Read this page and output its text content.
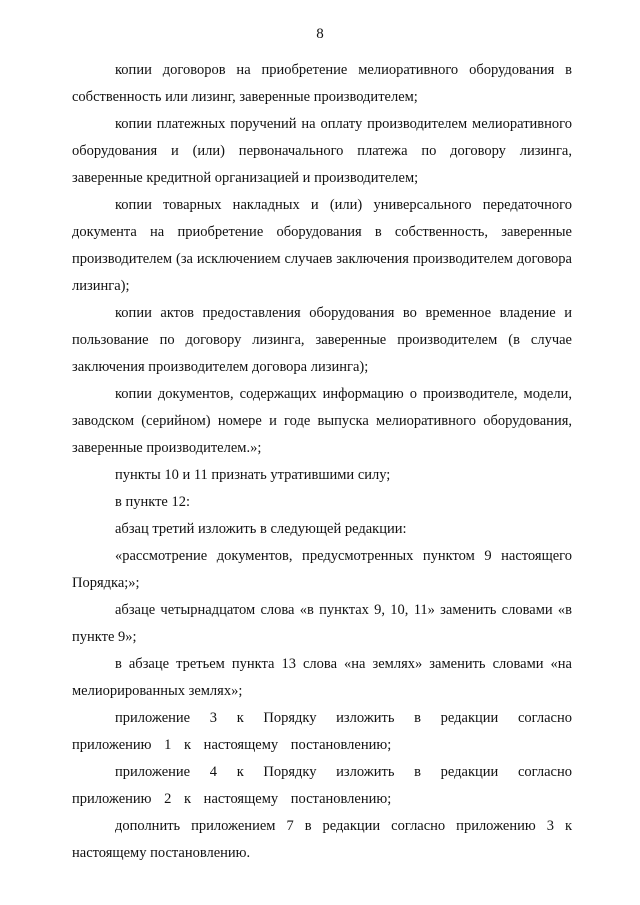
8

копии договоров на приобретение мелиоративного оборудования в собственность или лизинг, заверенные производителем;

копии платежных поручений на оплату производителем мелиоративного оборудования и (или) первоначального платежа по договору лизинга, заверенные кредитной организацией и производителем;

копии товарных накладных и (или) универсального передаточного документа на приобретение оборудования в собственность, заверенные производителем (за исключением случаев заключения производителем договора лизинга);

копии актов предоставления оборудования во временное владение и пользование по договору лизинга, заверенные производителем (в случае заключения производителем договора лизинга);

копии документов, содержащих информацию о производителе, модели, заводском (серийном) номере и годе выпуска мелиоративного оборудования, заверенные производителем.»;

пункты 10 и 11 признать утратившими силу;

в пункте 12:

абзац третий изложить в следующей редакции:

«рассмотрение документов, предусмотренных пунктом 9 настоящего Порядка;»;

абзаце четырнадцатом слова «в пунктах 9, 10, 11» заменить словами «в пункте 9»;

в абзаце третьем пункта 13 слова «на землях» заменить словами «на мелиорированных землях»;

приложение 3 к Порядку изложить в редакции согласно приложению 1 к настоящему постановлению;

приложение 4 к Порядку изложить в редакции согласно приложению 2 к настоящему постановлению;

дополнить приложением 7 в редакции согласно приложению 3 к настоящему постановлению.
